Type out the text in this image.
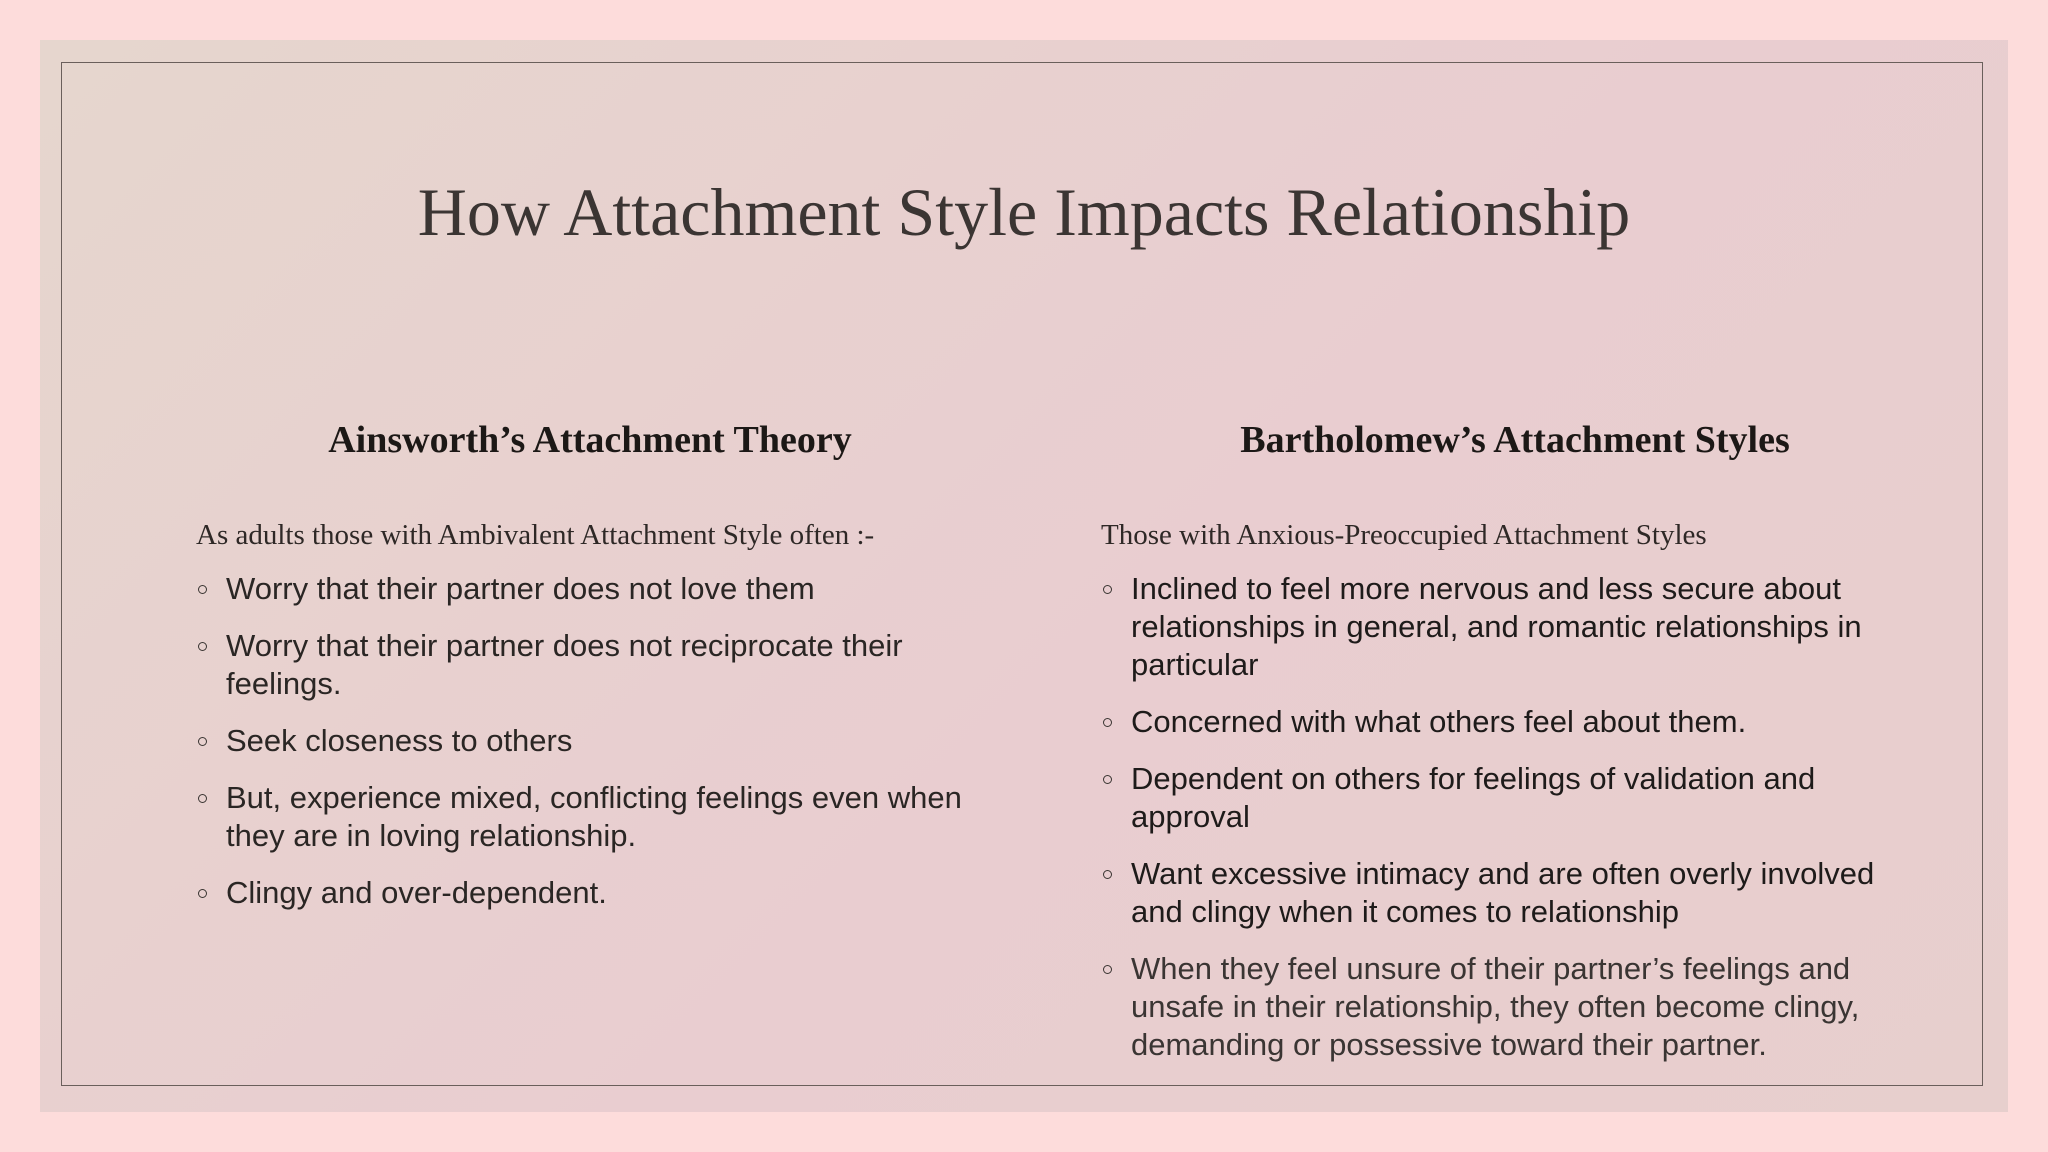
How Attachment Style Impacts Relationship
Ainsworth’s Attachment Theory	Bartholomew’s Attachment Styles
As adults those with Ambivalent Attachment Style often :-	Those with Anxious-Preoccupied Attachment Styles
Worry that their partner does not love them
Worry that their partner does not reciprocate their feelings.
Seek closeness to others
But, experience mixed, conflicting feelings even when they are in loving relationship.
Clingy and over-dependent.
Inclined to feel more nervous and less secure about relationships in general, and romantic relationships in particular
Concerned with what others feel about them.
Dependent on others for feelings of validation and approval
Want excessive intimacy and are often overly involved and clingy when it comes to relationship
When they feel unsure of their partner’s feelings and unsafe in their relationship, they often become clingy, demanding or possessive toward their partner.
